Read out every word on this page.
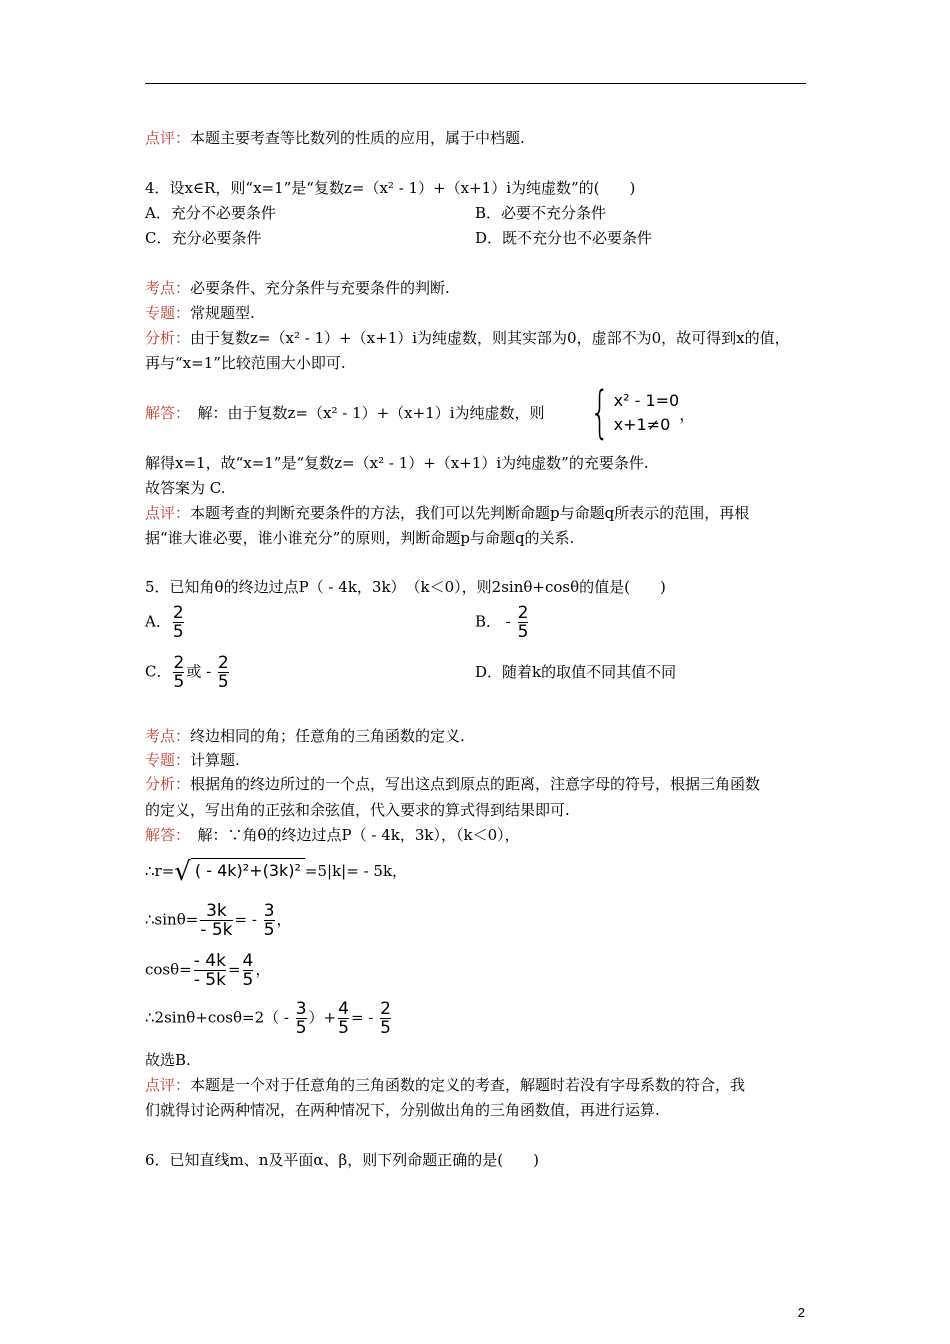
点评：本题主要考查等比数列的性质的应用，属于中档题.
4．设x∈R，则“x=1”是“复数z=（x² - 1）+（x+1）i为纯虚数”的(　　)
A．充分不必要条件	B．必要不充分条件
C．充分必要条件	D．既不充分也不必要条件
考点：必要条件、充分条件与充要条件的判断.
专题：常规题型.
分析：由于复数z=（x² - 1）+（x+1）i为纯虚数，则其实部为0，虚部不为0，故可得到x的值，
再与“x=1”比较范围大小即可.
解答：　解：由于复数z=（x² - 1）+（x+1）i为纯虚数，则 { x² - 1=0
x+1≠0
，
解得x=1，故“x=1”是“复数z=（x² - 1）+（x+1）i为纯虚数”的充要条件.
故答案为 C.
点评：本题考查的判断充要条件的方法，我们可以先判断命题p与命题q所表示的范围，再根
据“谁大谁必要，谁小谁充分”的原则，判断命题p与命题q的关系.
5．已知角θ的终边过点P（ - 4k，3k）　（k＜0），则2sinθ+cosθ的值是(　　)
A． $\frac{2}{5}$	B． - $\frac{2}{5}$
C． $\frac{2}{5}$ 或 - $\frac{2}{5}$	D．随着k的取值不同其值不同
考点：终边相同的角；任意角的三角函数的定义.
专题：计算题.
分析：根据角的终边所过的一个点，写出这点到原点的距离，注意字母的符号，根据三角函数
的定义，写出角的正弦和余弦值，代入要求的算式得到结果即可.
解答：　解：∵角θ的终边过点P（ - 4k，3k），（k＜0），
∴r=√ ( - 4k)²+(3k)² =5|k|= - 5k，
∴sinθ= $\frac{3k}{- 5k}$ = - $\frac{3}{5}$ ，
$\cos\theta= \frac{- 4k}{- 5k} = \frac{4}{5}$ ，
∴2sinθ+cosθ=2（ - $\frac{3}{5}$ ）+ $\frac{4}{5}$ = - $\frac{2}{5}$
故选B.
点评：本题是一个对于任意角的三角函数的定义的考查，解题时若没有字母系数的符合，我
们就得讨论两种情况，在两种情况下，分别做出角的三角函数值，再进行运算.
6．已知直线m、n及平面α、β，则下列命题正确的是(　　)
2
